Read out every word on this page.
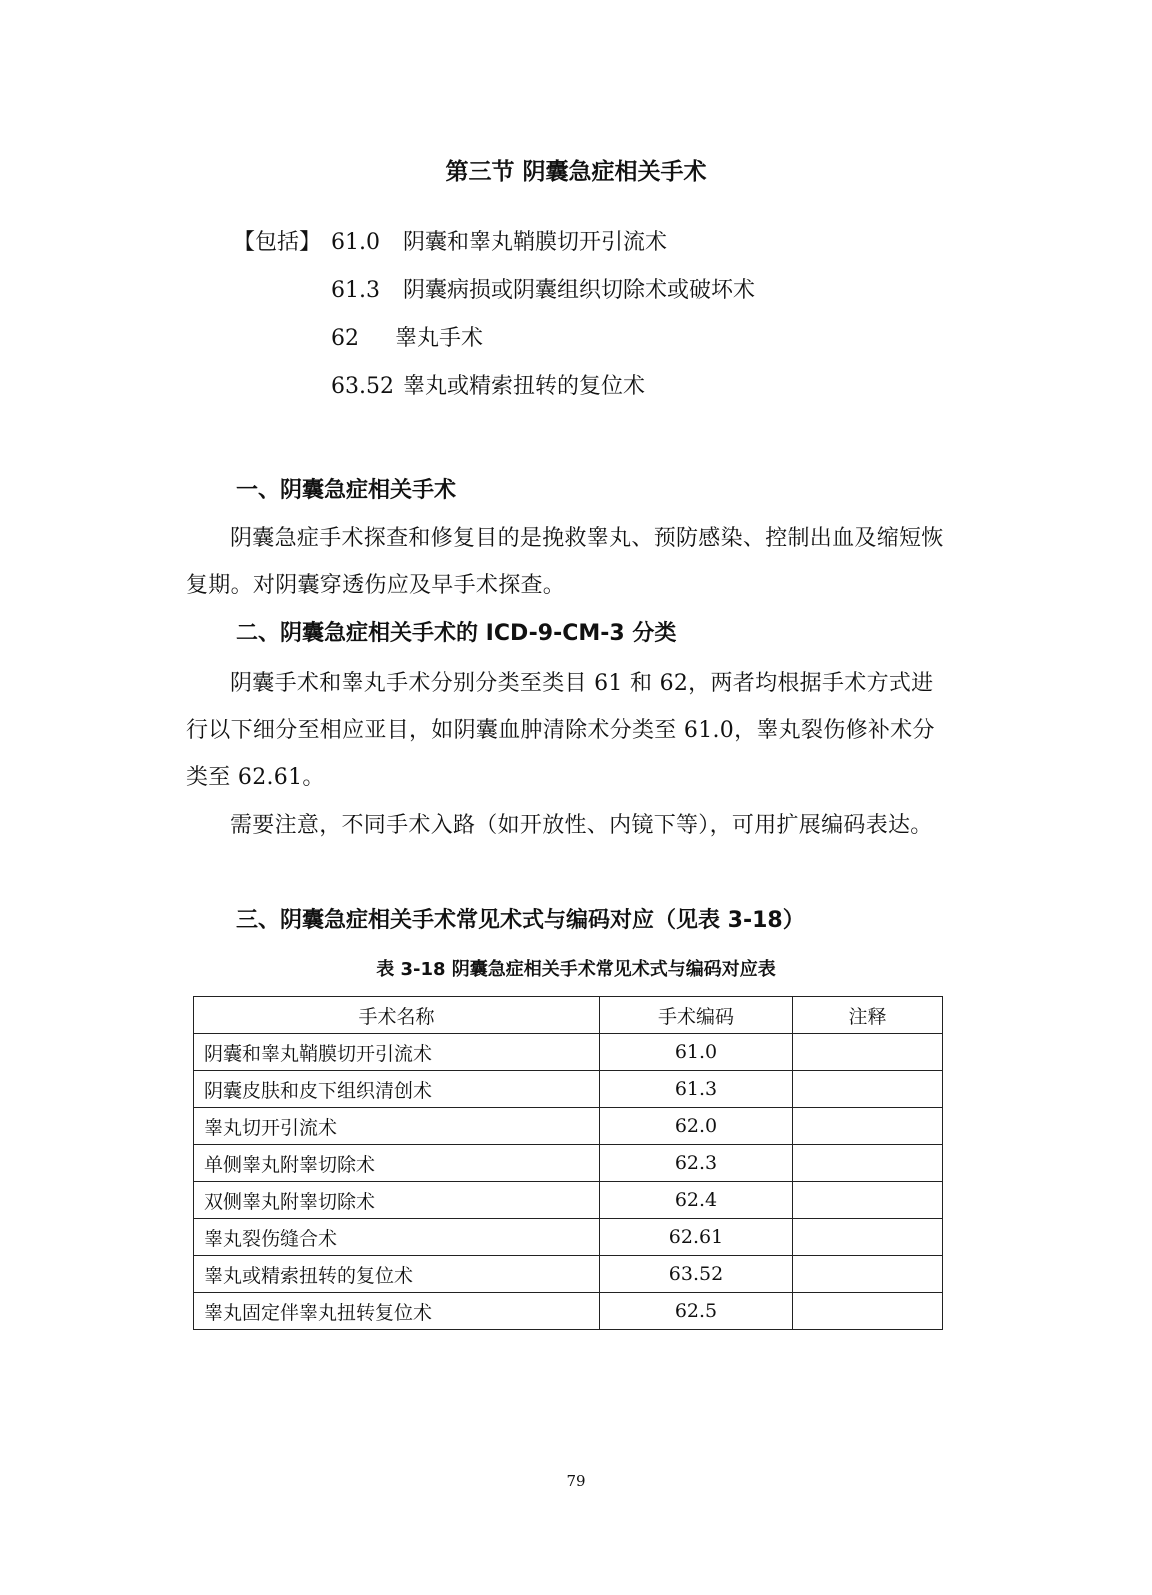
第三节 阴囊急症相关手术
【包括】 61.0	阴囊和睾丸鞘膜切开引流术
61.3	阴囊病损或阴囊组织切除术或破坏术
62	睾丸手术
63.52 睾丸或精索扭转的复位术
一、阴囊急症相关手术

阴囊急症手术探查和修复目的是挽救睾丸、预防感染、控制出血及缩短恢复期。对阴囊穿透伤应及早手术探查。

二、阴囊急症相关手术的 ICD-9-CM-3 分类

阴囊手术和睾丸手术分别分类至类目 61 和 62，两者均根据手术方式进行以下细分至相应亚目，如阴囊血肿清除术分类至 61.0，睾丸裂伤修补术分类至 62.61。

需要注意，不同手术入路（如开放性、内镜下等），可用扩展编码表达。

三、阴囊急症相关手术常见术式与编码对应（见表 3-18）

表 3-18 阴囊急症相关手术常见术式与编码对应表

手术名称	手术编码	注释
阴囊和睾丸鞘膜切开引流术	61.0	
阴囊皮肤和皮下组织清创术	61.3	
睾丸切开引流术	62.0	
单侧睾丸附睾切除术	62.3	
双侧睾丸附睾切除术	62.4	
睾丸裂伤缝合术	62.61	
睾丸或精索扭转的复位术	63.52	
睾丸固定伴睾丸扭转复位术	62.5	

79
